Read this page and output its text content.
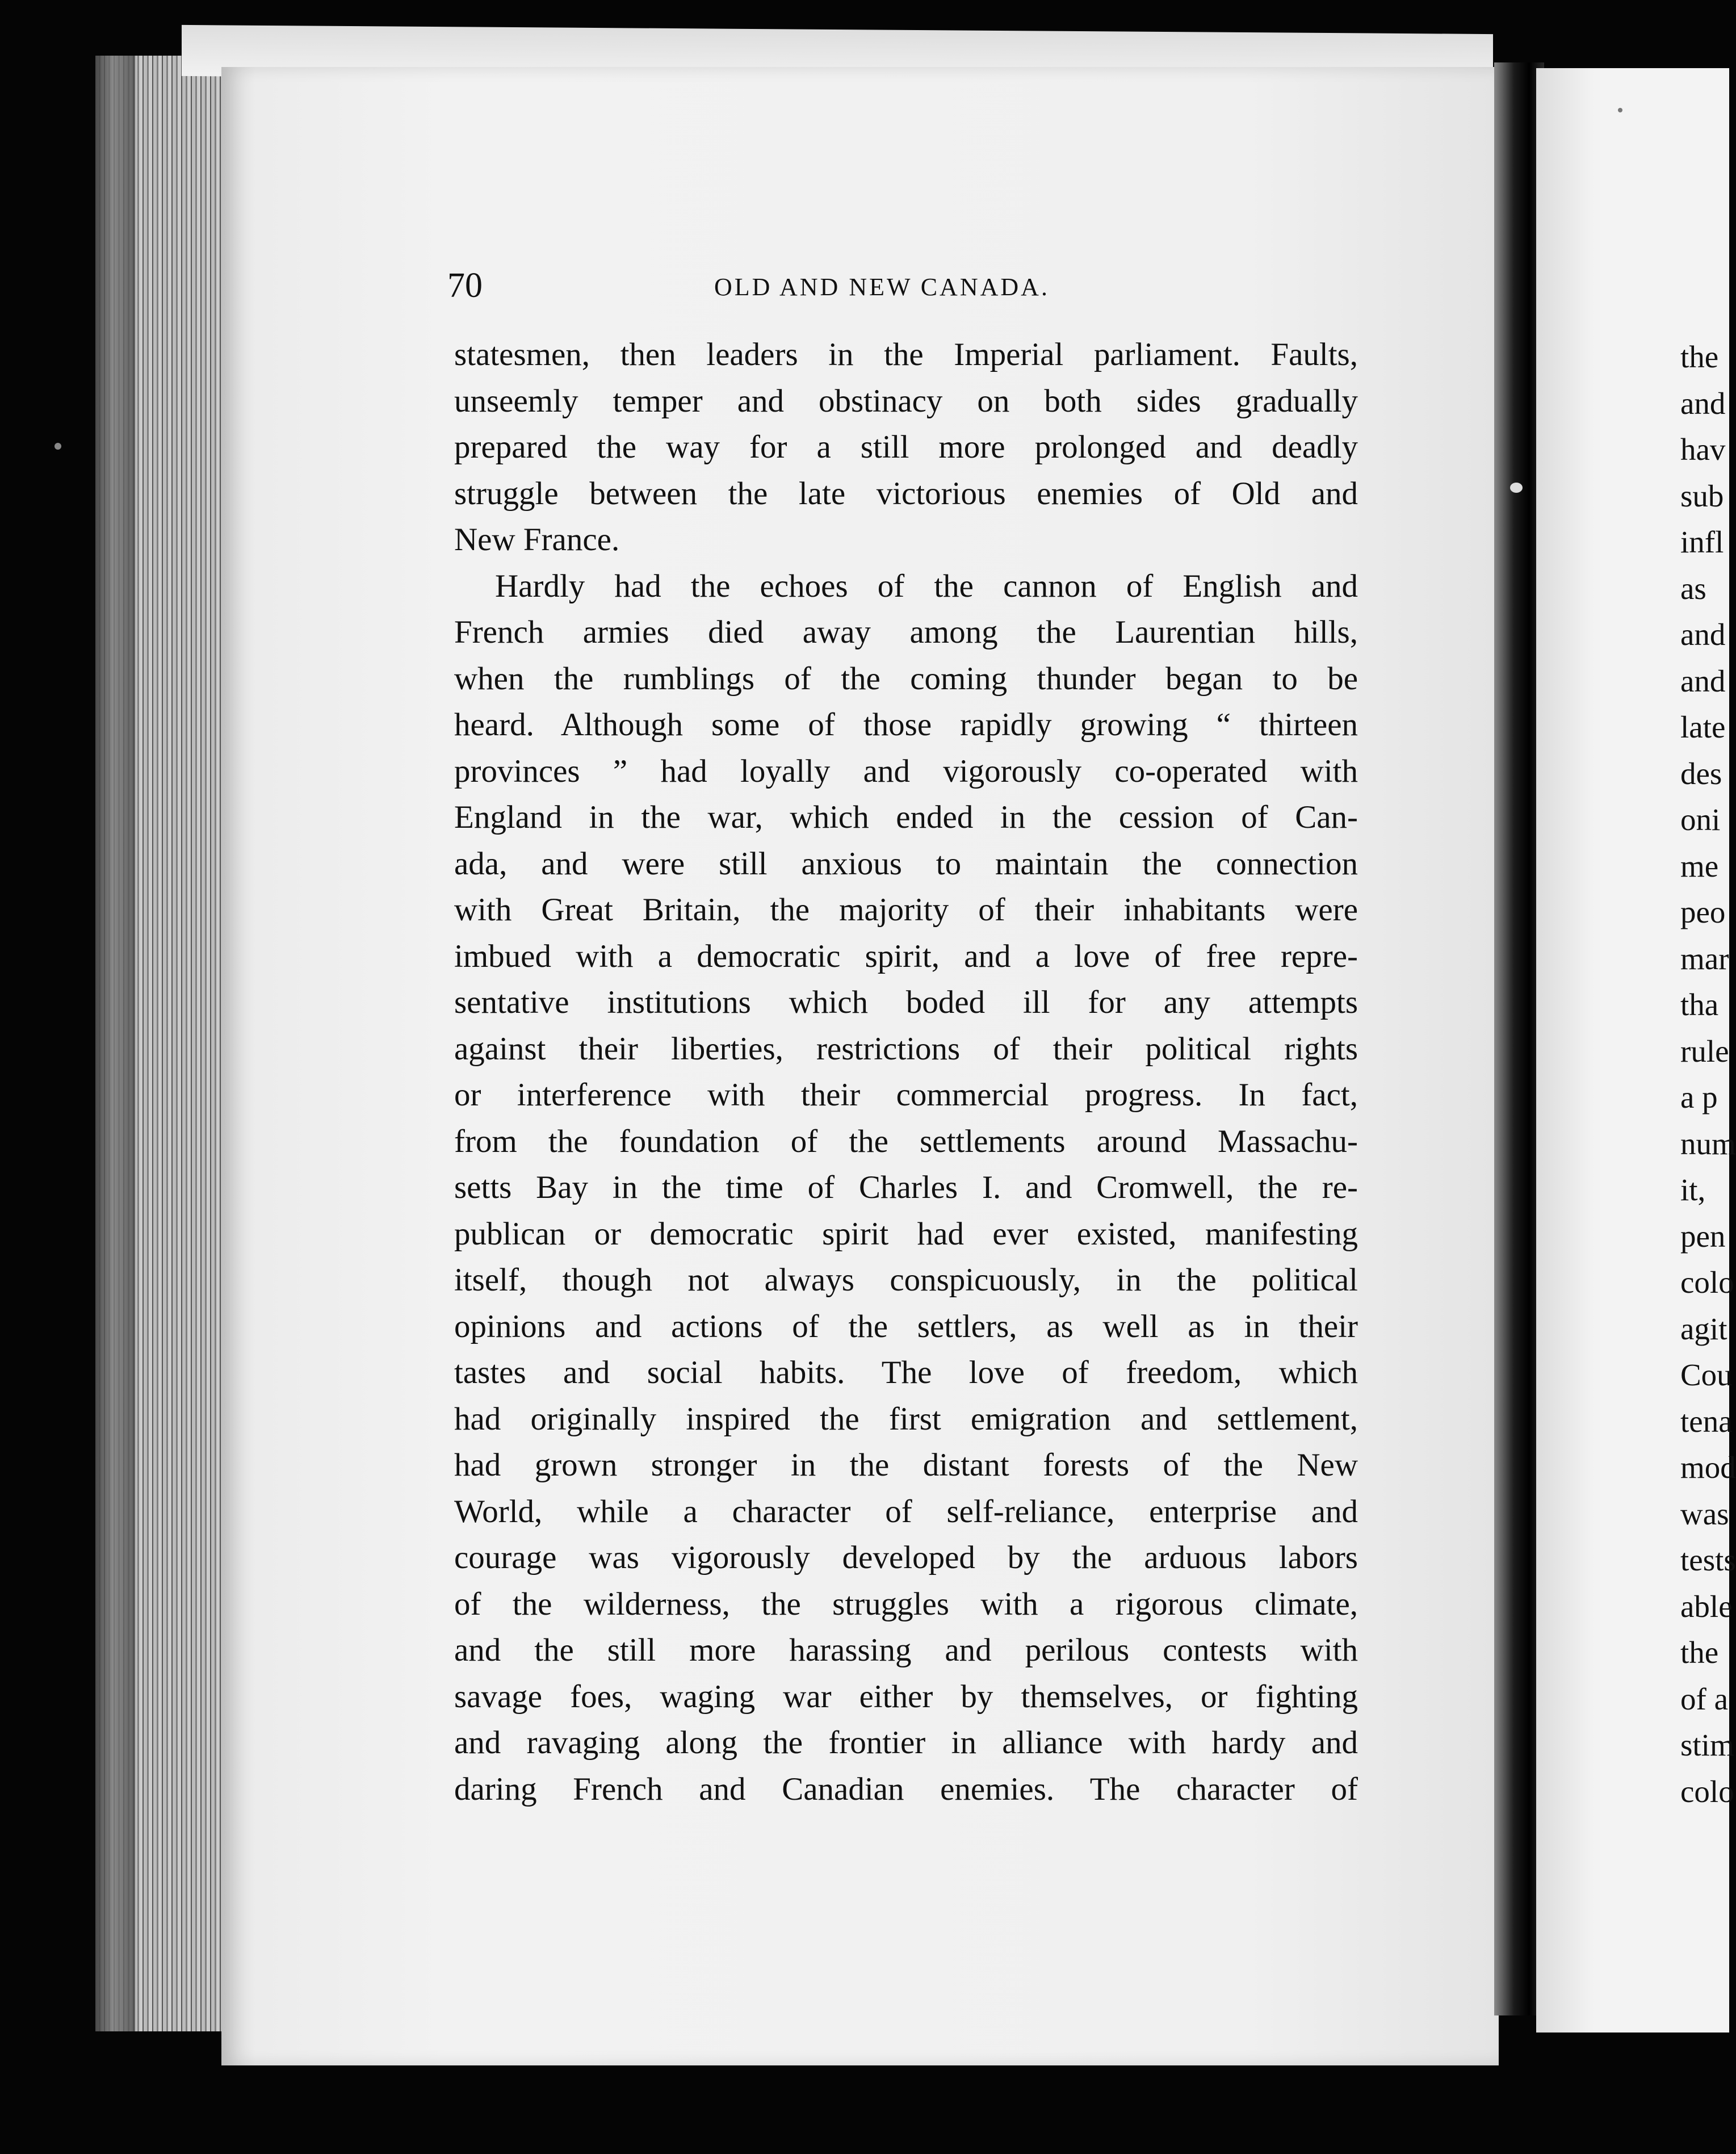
70	OLD AND NEW CANADA.
statesmen, then leaders in the Imperial parliament. Faults,
unseemly temper and obstinacy on both sides gradually
prepared the way for a still more prolonged and deadly
struggle between the late victorious enemies of Old and
New France.
Hardly had the echoes of the cannon of English and
French armies died away among the Laurentian hills,
when the rumblings of the coming thunder began to be
heard. Although some of those rapidly growing “ thirteen
provinces ” had loyally and vigorously co-operated with
England in the war, which ended in the cession of Can-
ada, and were still anxious to maintain the connection
with Great Britain, the majority of their inhabitants were
imbued with a democratic spirit, and a love of free repre-
sentative institutions which boded ill for any attempts
against their liberties, restrictions of their political rights
or interference with their commercial progress. In fact,
from the foundation of the settlements around Massachu-
setts Bay in the time of Charles I. and Cromwell, the re-
publican or democratic spirit had ever existed, manifesting
itself, though not always conspicuously, in the political
opinions and actions of the settlers, as well as in their
tastes and social habits. The love of freedom, which
had originally inspired the first emigration and settlement,
had grown stronger in the distant forests of the New
World, while a character of self-reliance, enterprise and
courage was vigorously developed by the arduous labors
of the wilderness, the struggles with a rigorous climate,
and the still more harassing and perilous contests with
savage foes, waging war either by themselves, or fighting
and ravaging along the frontier in alliance with hardy and
daring French and Canadian enemies. The character of
the
and
hav
sub
infl
as
and
and
late
des
oni
me
peo
mar
tha
rule
a p
num
it,
pen
colo
agit
Cou
tena
mod
was
tests
able
the
of a
stim
colo
